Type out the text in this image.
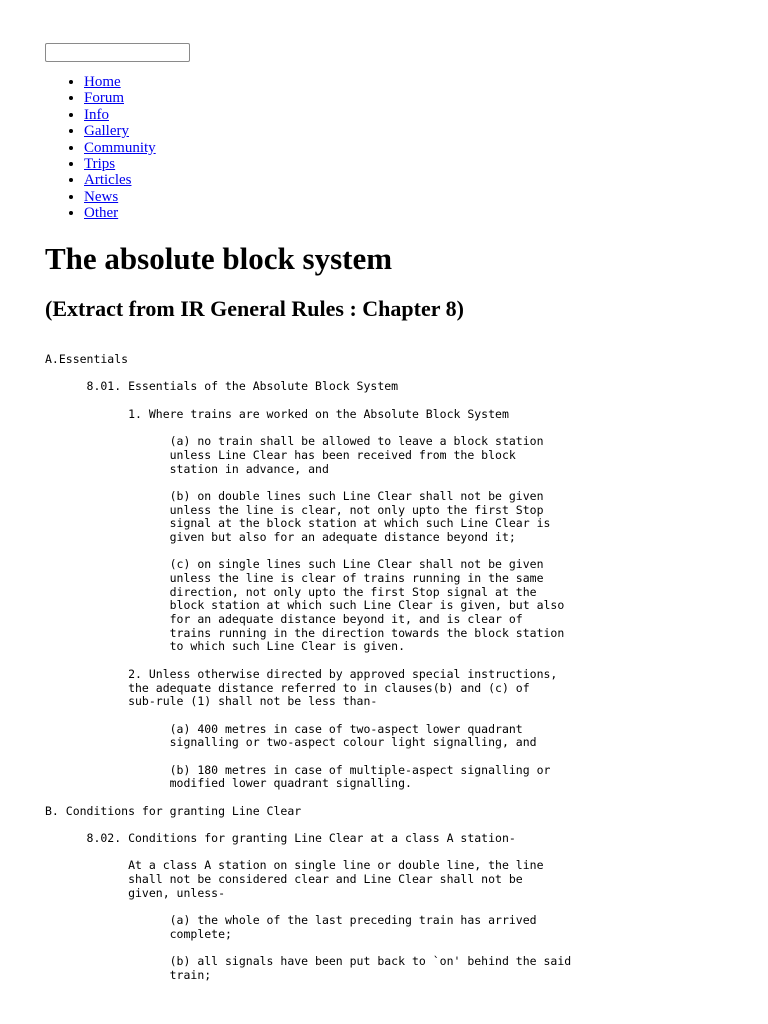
• Home
• Forum
• Info
• Gallery
• Community
• Trips
• Articles
• News
• Other
The absolute block system
(Extract from IR General Rules : Chapter 8)
A.Essentials
8.01. Essentials of the Absolute Block System
1. Where trains are worked on the Absolute Block System
(a) no train shall be allowed to leave a block station
unless Line Clear has been received from the block
station in advance, and
(b) on double lines such Line Clear shall not be given
unless the line is clear, not only upto the first Stop
signal at the block station at which such Line Clear is
given but also for an adequate distance beyond it;
(c) on single lines such Line Clear shall not be given
unless the line is clear of trains running in the same
direction, not only upto the first Stop signal at the
block station at which such Line Clear is given, but also
for an adequate distance beyond it, and is clear of
trains running in the direction towards the block station
to which such Line Clear is given.
2. Unless otherwise directed by approved special instructions,
the adequate distance referred to in clauses(b) and (c) of
sub-rule (1) shall not be less than-
(a) 400 metres in case of two-aspect lower quadrant
signalling or two-aspect colour light signalling, and
(b) 180 metres in case of multiple-aspect signalling or
modified lower quadrant signalling.
B. Conditions for granting Line Clear
8.02. Conditions for granting Line Clear at a class A station-
At a class A station on single line or double line, the line
shall not be considered clear and Line Clear shall not be
given, unless-
(a) the whole of the last preceding train has arrived
complete;
(b) all signals have been put back to `on' behind the said
train;
